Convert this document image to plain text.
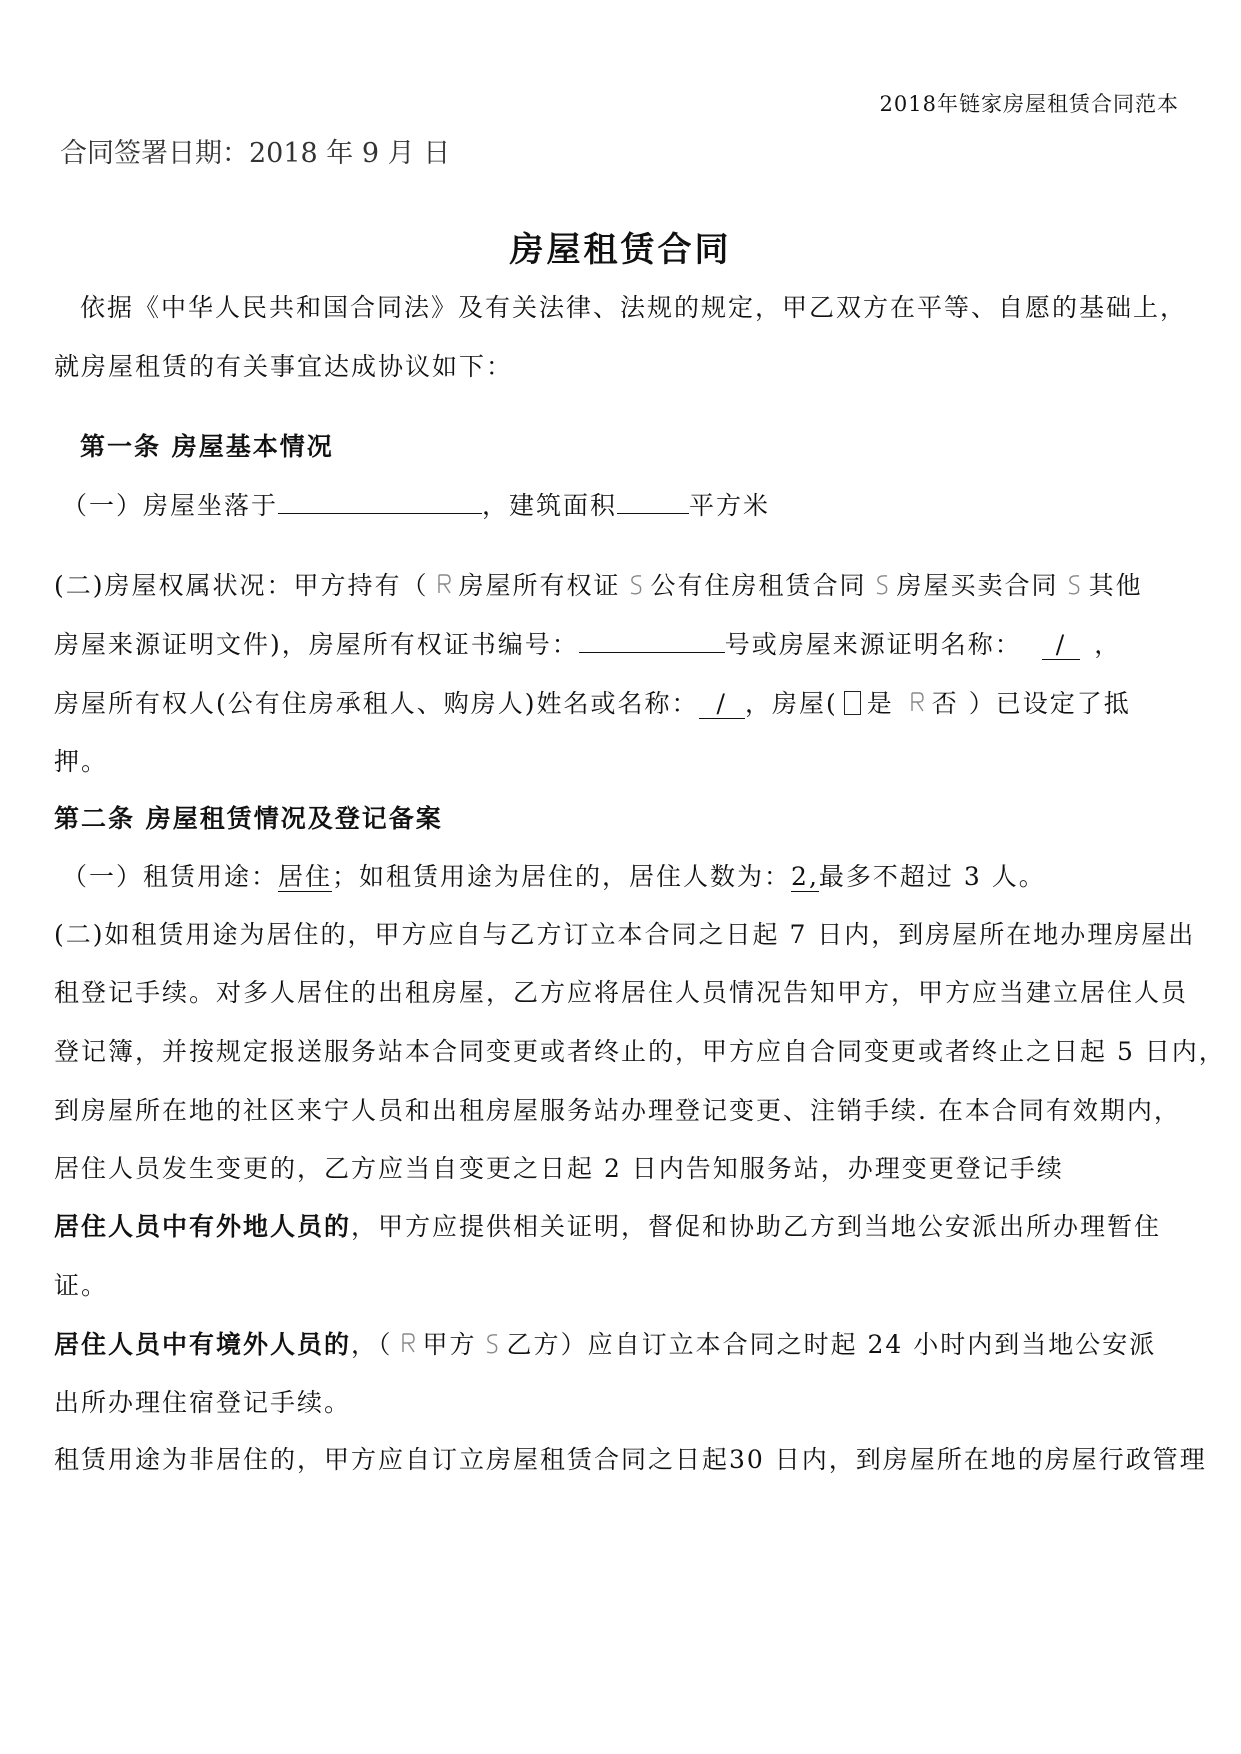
2018年链家房屋租赁合同范本
合同签署日期：2018 年 9 月 日
房屋租赁合同
依据《中华人民共和国合同法》及有关法律、法规的规定，甲乙双方在平等、自愿的基础上，
就房屋租赁的有关事宜达成协议如下：
第一条 房屋基本情况
（一）房屋坐落于	，建筑面积	平方米
(二)房屋权属状况：甲方持有（ 房屋所有权证 公有住房租赁合同 房屋买卖合同 其他
房屋来源证明文件)，房屋所有权证书编号：	号或房屋来源证明名称： / ，
房屋所有权人(公有住房承租人、购房人)姓名或名称： / ，房屋( 是 否 ）已设定了抵
押。
第二条 房屋租赁情况及登记备案
（一）租赁用途：居住；如租赁用途为居住的，居住人数为：2,最多不超过 3 人。
(二)如租赁用途为居住的，甲方应自与乙方订立本合同之日起 7 日内，到房屋所在地办理房屋出
租登记手续。对多人居住的出租房屋，乙方应将居住人员情况告知甲方，甲方应当建立居住人员
登记簿，并按规定报送服务站本合同变更或者终止的，甲方应自合同变更或者终止之日起 5 日内，
到房屋所在地的社区来宁人员和出租房屋服务站办理登记变更、注销手续. 在本合同有效期内，
居住人员发生变更的，乙方应当自变更之日起 2 日内告知服务站，办理变更登记手续
居住人员中有外地人员的，甲方应提供相关证明，督促和协助乙方到当地公安派出所办理暂住
证。
居住人员中有境外人员的，（ 甲方 乙方）应自订立本合同之时起 24 小时内到当地公安派
出所办理住宿登记手续。
租赁用途为非居住的，甲方应自订立房屋租赁合同之日起30 日内，到房屋所在地的房屋行政管理
